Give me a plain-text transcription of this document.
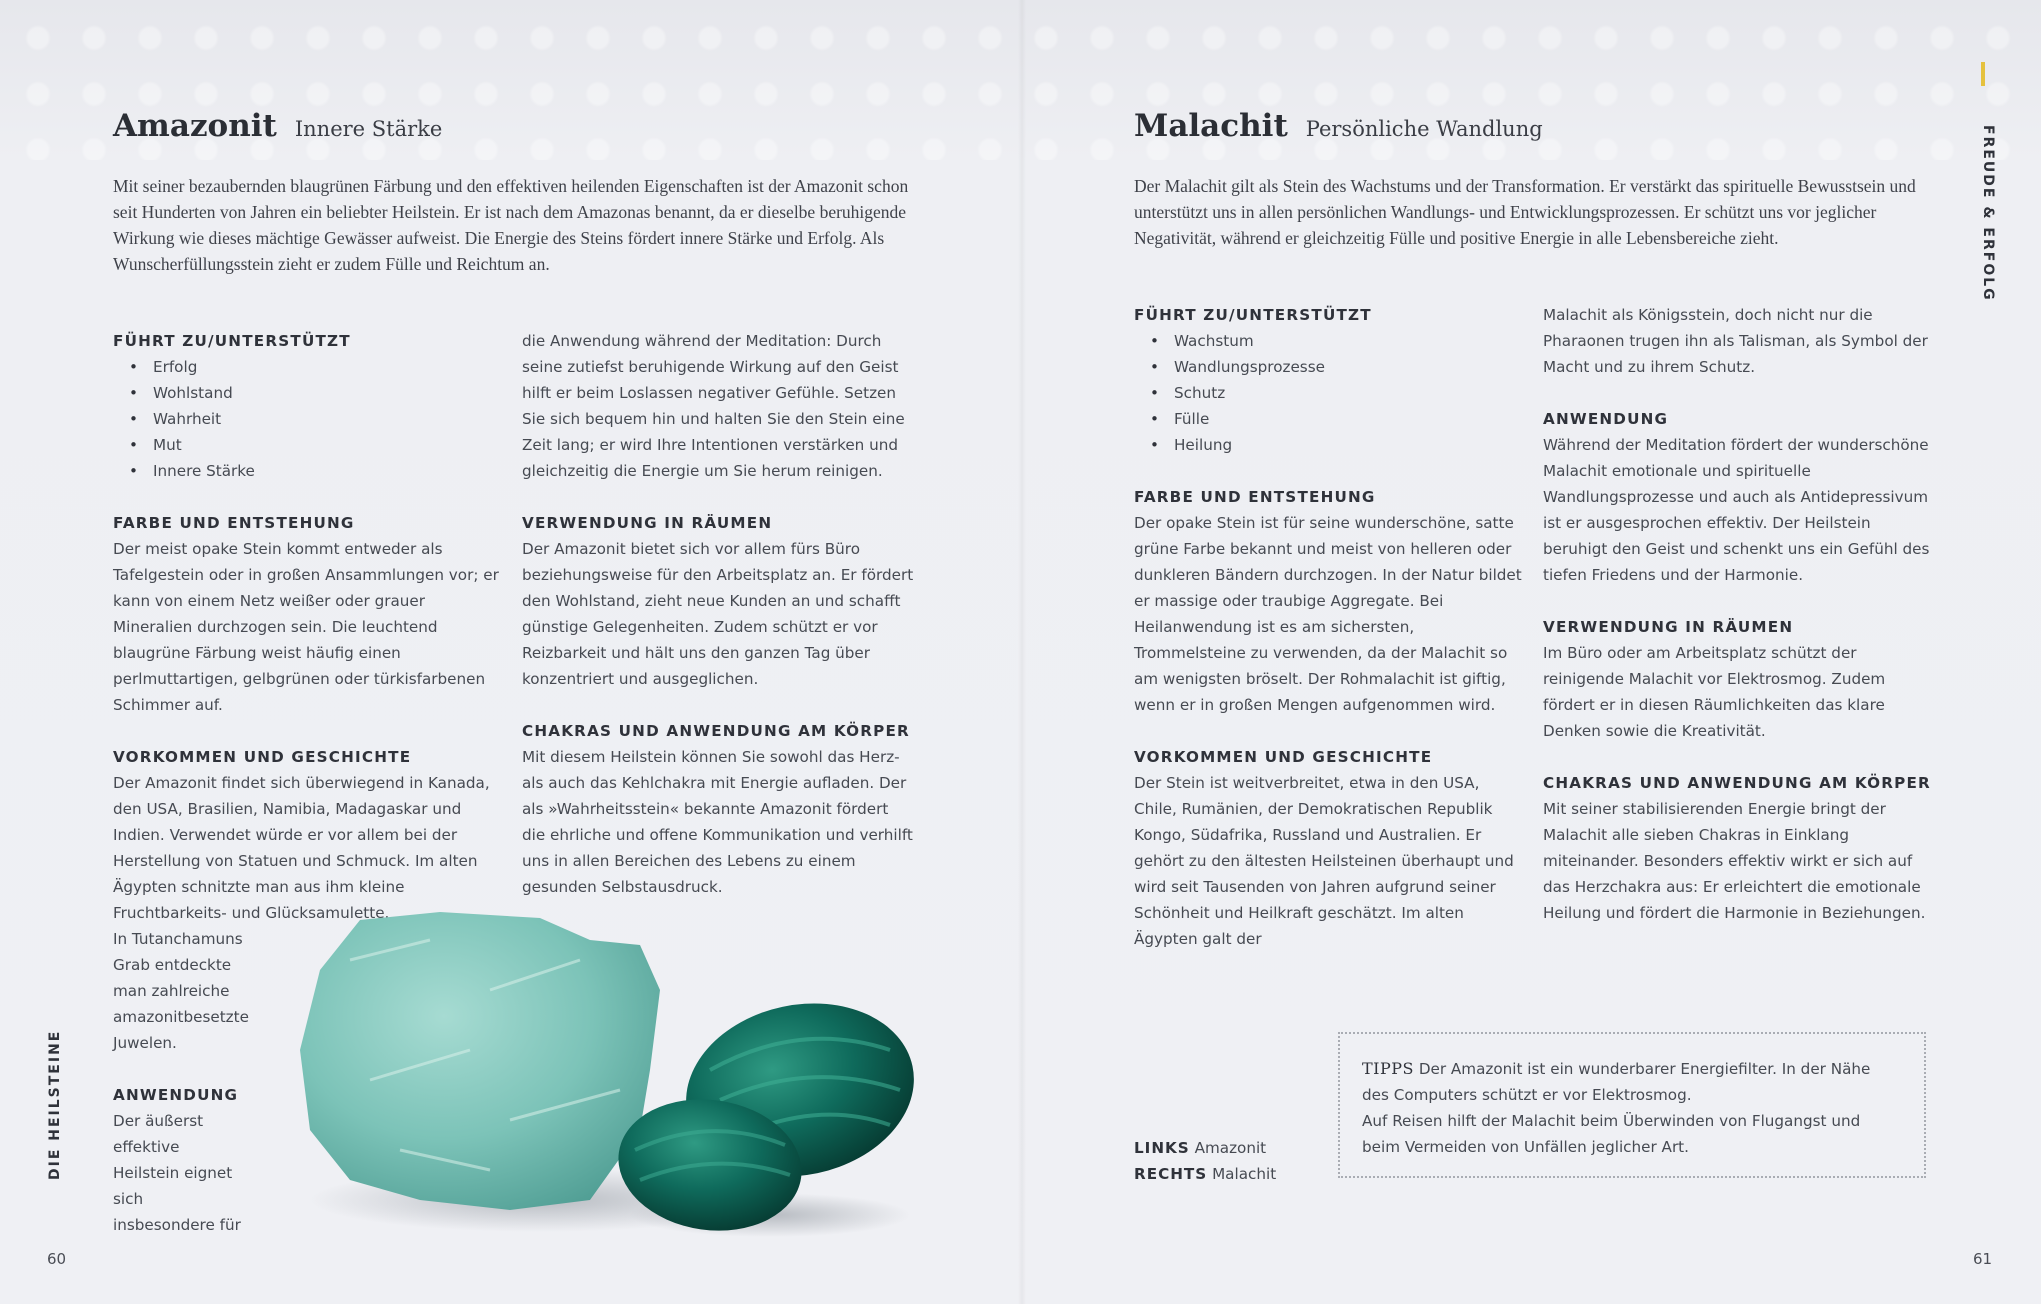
Amazonit Innere Stärke
Mit seiner bezaubernden blaugrünen Färbung und den effektiven heilenden Eigenschaften ist der Amazonit schon seit Hunderten von Jahren ein beliebter Heilstein. Er ist nach dem Amazonas benannt, da er dieselbe beruhigende Wirkung wie dieses mächtige Gewässer aufweist. Die Energie des Steins fördert innere Stärke und Erfolg. Als Wunscherfüllungsstein zieht er zudem Fülle und Reichtum an.
FÜHRT ZU/UNTERSTÜTZT
• Erfolg
• Wohlstand
• Wahrheit
• Mut
• Innere Stärke
FARBE UND ENTSTEHUNG
Der meist opake Stein kommt entweder als Tafelgestein oder in großen Ansammlungen vor; er kann von einem Netz weißer oder grauer Mineralien durchzogen sein. Die leuchtend blaugrüne Färbung weist häufig einen perlmuttartigen, gelbgrünen oder türkisfarbenen Schimmer auf.
VORKOMMEN UND GESCHICHTE
Der Amazonit findet sich überwiegend in Kanada, den USA, Brasilien, Namibia, Madagaskar und Indien. Verwendet würde er vor allem bei der Herstellung von Statuen und Schmuck. Im alten Ägypten schnitzte man aus ihm kleine Fruchtbarkeits- und Glücksamulette.
In Tutanchamuns Grab entdeckte man zahlreiche amazonitbesetzte Juwelen.
ANWENDUNG
Der äußerst effektive Heilstein eignet sich insbesondere für
die Anwendung während der Meditation: Durch seine zutiefst beruhigende Wirkung auf den Geist hilft er beim Loslassen negativer Gefühle. Setzen Sie sich bequem hin und halten Sie den Stein eine Zeit lang; er wird Ihre Intentionen verstärken und gleichzeitig die Energie um Sie herum reinigen.
VERWENDUNG IN RÄUMEN
Der Amazonit bietet sich vor allem fürs Büro beziehungsweise für den Arbeitsplatz an. Er fördert den Wohlstand, zieht neue Kunden an und schafft günstige Gelegenheiten. Zudem schützt er vor Reizbarkeit und hält uns den ganzen Tag über konzentriert und ausgeglichen.
CHAKRAS UND ANWENDUNG AM KÖRPER
Mit diesem Heilstein können Sie sowohl das Herz- als auch das Kehlchakra mit Energie aufladen. Der als »Wahrheitsstein« bekannte Amazonit fördert die ehrliche und offene Kommunikation und verhilft uns in allen Bereichen des Lebens zu einem gesunden Selbstausdruck.
DIE HEILSTEINE
60
Malachit Persönliche Wandlung
Der Malachit gilt als Stein des Wachstums und der Transformation. Er verstärkt das spirituelle Bewusstsein und unterstützt uns in allen persönlichen Wandlungs- und Entwicklungsprozessen. Er schützt uns vor jeglicher Negativität, während er gleichzeitig Fülle und positive Energie in alle Lebensbereiche zieht.
FÜHRT ZU/UNTERSTÜTZT
• Wachstum
• Wandlungsprozesse
• Schutz
• Fülle
• Heilung
FARBE UND ENTSTEHUNG
Der opake Stein ist für seine wunderschöne, satte grüne Farbe bekannt und meist von helleren oder dunkleren Bändern durchzogen. In der Natur bildet er massige oder traubige Aggregate. Bei Heilanwendung ist es am sichersten, Trommelsteine zu verwenden, da der Malachit so am wenigsten bröselt. Der Rohmalachit ist giftig, wenn er in großen Mengen aufgenommen wird.
VORKOMMEN UND GESCHICHTE
Der Stein ist weitverbreitet, etwa in den USA, Chile, Rumänien, der Demokratischen Republik Kongo, Südafrika, Russland und Australien. Er gehört zu den ältesten Heilsteinen überhaupt und wird seit Tausenden von Jahren aufgrund seiner Schönheit und Heilkraft geschätzt. Im alten Ägypten galt der
Malachit als Königsstein, doch nicht nur die Pharaonen trugen ihn als Talisman, als Symbol der Macht und zu ihrem Schutz.
ANWENDUNG
Während der Meditation fördert der wunderschöne Malachit emotionale und spirituelle Wandlungsprozesse und auch als Antidepressivum ist er ausgesprochen effektiv. Der Heilstein beruhigt den Geist und schenkt uns ein Gefühl des tiefen Friedens und der Harmonie.
VERWENDUNG IN RÄUMEN
Im Büro oder am Arbeitsplatz schützt der reinigende Malachit vor Elektrosmog. Zudem fördert er in diesen Räumlichkeiten das klare Denken sowie die Kreativität.
CHAKRAS UND ANWENDUNG AM KÖRPER
Mit seiner stabilisierenden Energie bringt der Malachit alle sieben Chakras in Einklang miteinander. Besonders effektiv wirkt er sich auf das Herzchakra aus: Er erleichtert die emotionale Heilung und fördert die Harmonie in Beziehungen.
LINKS Amazonit
RECHTS Malachit
TIPPS Der Amazonit ist ein wunderbarer Energiefilter. In der Nähe des Computers schützt er vor Elektrosmog.
Auf Reisen hilft der Malachit beim Überwinden von Flugangst und beim Vermeiden von Unfällen jeglicher Art.
FREUDE & ERFOLG
61
